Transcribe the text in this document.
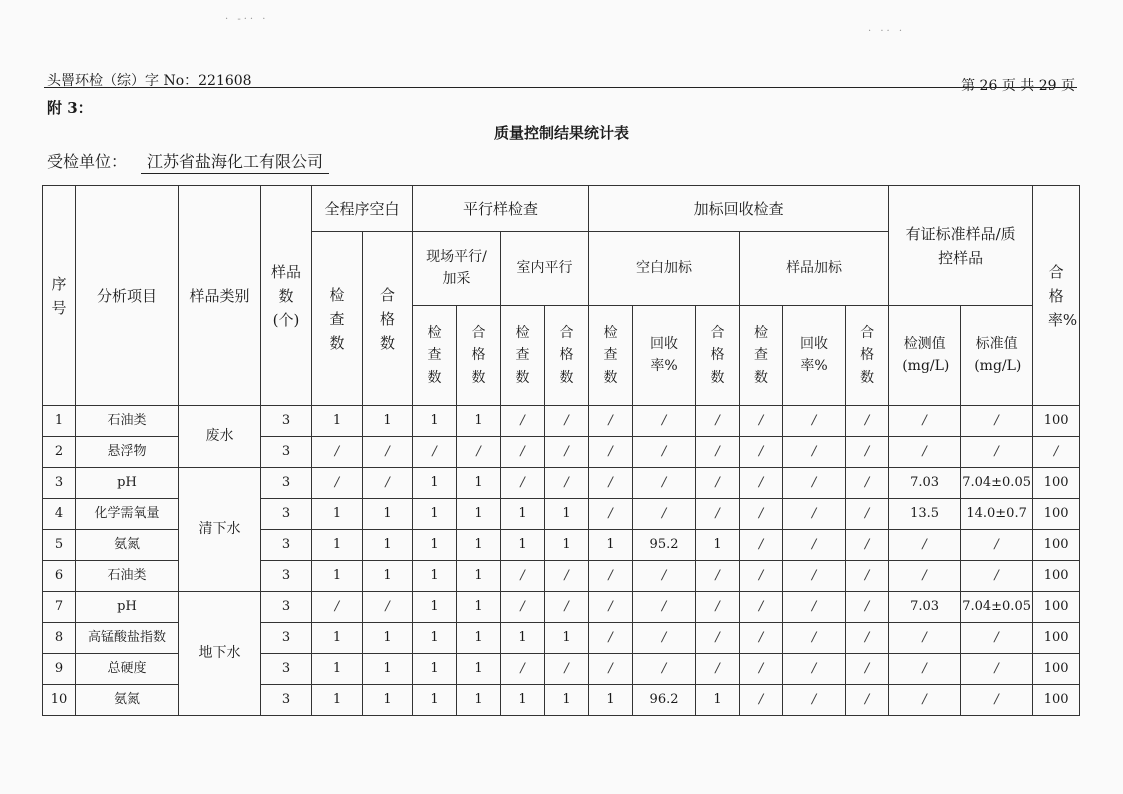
· -·· ·
· ·· ·
头罾环检（综）字 No：221608	第 26 页 共 29 页
附 3：
质量控制结果统计表
受检单位： 江苏省盐海化工有限公司
序号	分析项目	样品类别	样品数(个)	全程序空白		平行样检查				加标回收检查						有证标准样品/质控样品		合格率%
				检查数	合格数	现场平行/加采		室内平行		空白加标			样品加标					
						检查数	合格数	检查数	合格数	检查数	回收率%	合格数	检查数	回收率%	合格数	检测值(mg/L)	标准值(mg/L)	
1	石油类	废水	3	1	1	1	1	/	/	/	/	/	/	/	/	/	/	100
2	悬浮物		3	/	/	/	/	/	/	/	/	/	/	/	/	/	/	/
3	pH	清下水	3	/	/	1	1	/	/	/	/	/	/	/	/	7.03	7.04±0.05	100
4	化学需氧量		3	1	1	1	1	1	1	/	/	/	/	/	/	13.5	14.0±0.7	100
5	氨氮		3	1	1	1	1	1	1	1	95.2	1	/	/	/	/	/	100
6	石油类		3	1	1	1	1	/	/	/	/	/	/	/	/	/	/	100
7	pH	地下水	3	/	/	1	1	/	/	/	/	/	/	/	/	7.03	7.04±0.05	100
8	高锰酸盐指数		3	1	1	1	1	1	1	/	/	/	/	/	/	/	/	100
9	总硬度		3	1	1	1	1	/	/	/	/	/	/	/	/	/	/	100
10	氨氮		3	1	1	1	1	1	1	1	96.2	1	/	/	/	/	/	100
